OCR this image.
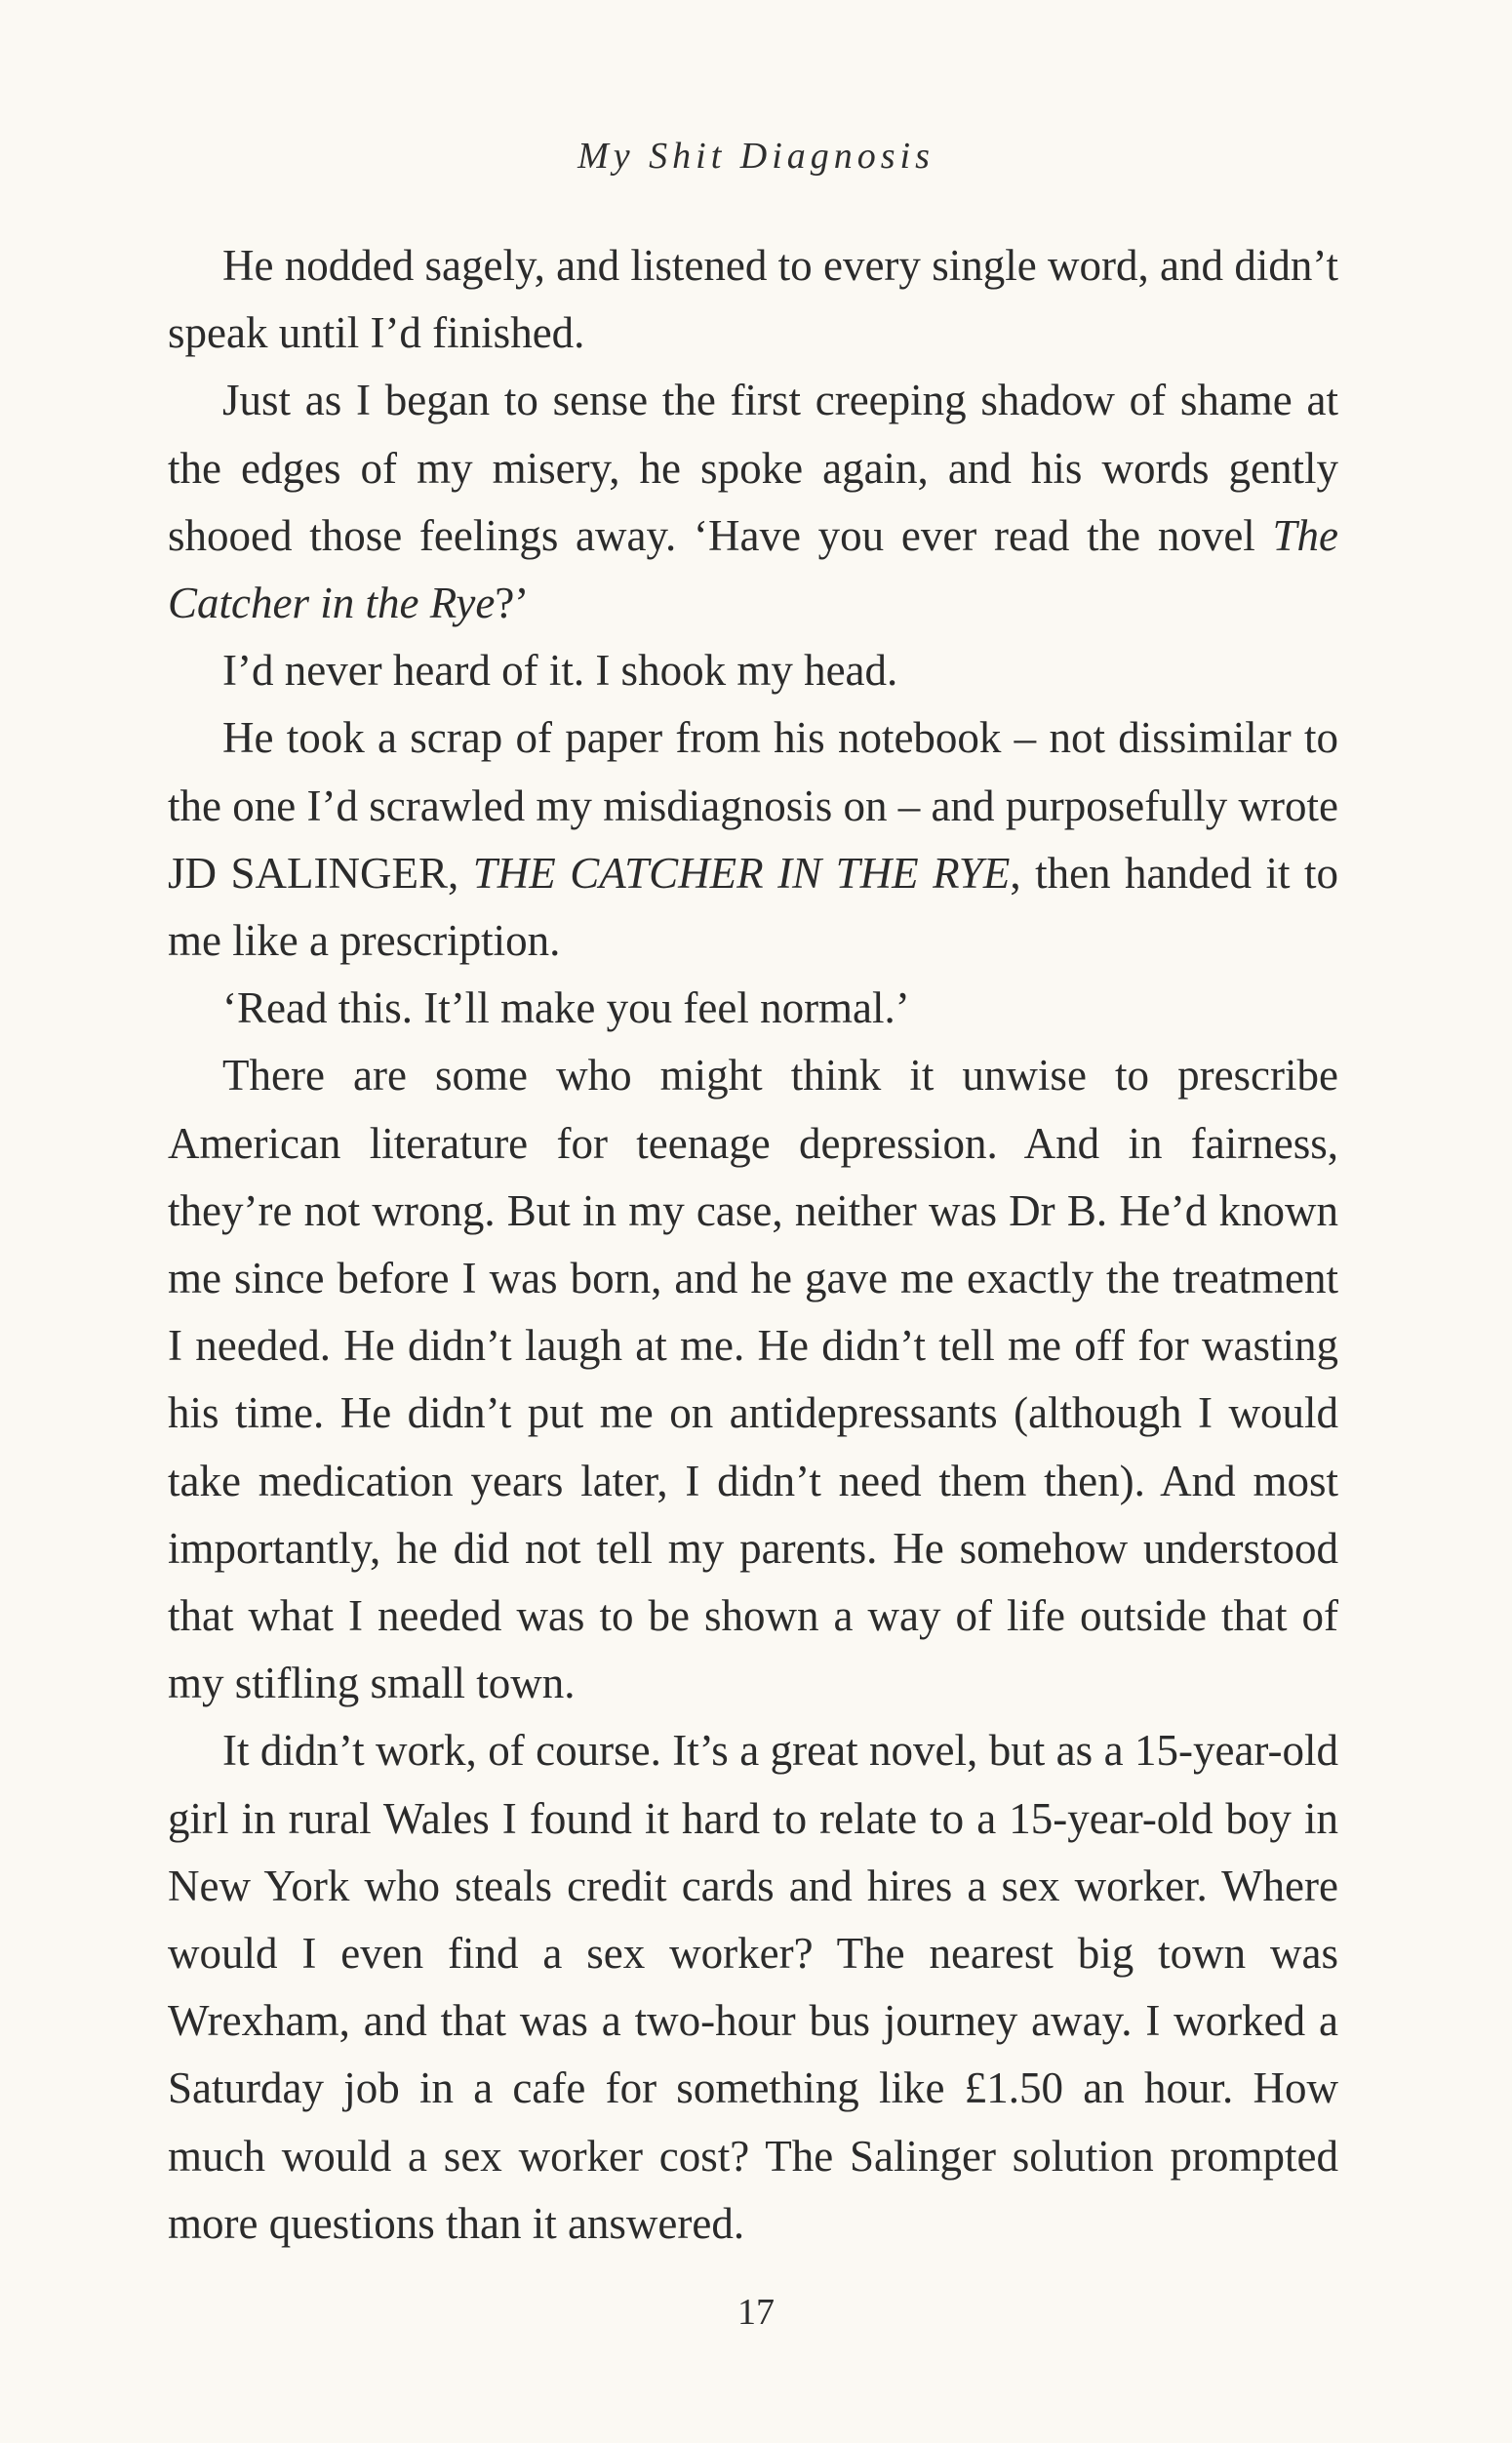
My Shit Diagnosis

He nodded sagely, and listened to every single word, and didn’t speak until I’d finished.

Just as I began to sense the first creeping shadow of shame at the edges of my misery, he spoke again, and his words gently shooed those feelings away. ‘Have you ever read the novel The Catcher in the Rye?’

I’d never heard of it. I shook my head.

He took a scrap of paper from his notebook – not dissimilar to the one I’d scrawled my misdiagnosis on – and purposefully wrote JD SALINGER, THE CATCHER IN THE RYE, then handed it to me like a prescription.

‘Read this. It’ll make you feel normal.’

There are some who might think it unwise to prescribe American literature for teenage depression. And in fairness, they’re not wrong. But in my case, neither was Dr B. He’d known me since before I was born, and he gave me exactly the treatment I needed. He didn’t laugh at me. He didn’t tell me off for wasting his time. He didn’t put me on antidepressants (although I would take medication years later, I didn’t need them then). And most importantly, he did not tell my parents. He somehow understood that what I needed was to be shown a way of life outside that of my stifling small town.

It didn’t work, of course. It’s a great novel, but as a 15-year-old girl in rural Wales I found it hard to relate to a 15-year-old boy in New York who steals credit cards and hires a sex worker. Where would I even find a sex worker? The nearest big town was Wrexham, and that was a two-hour bus journey away. I worked a Saturday job in a cafe for something like £1.50 an hour. How much would a sex worker cost? The Salinger solution prompted more questions than it answered.

17
